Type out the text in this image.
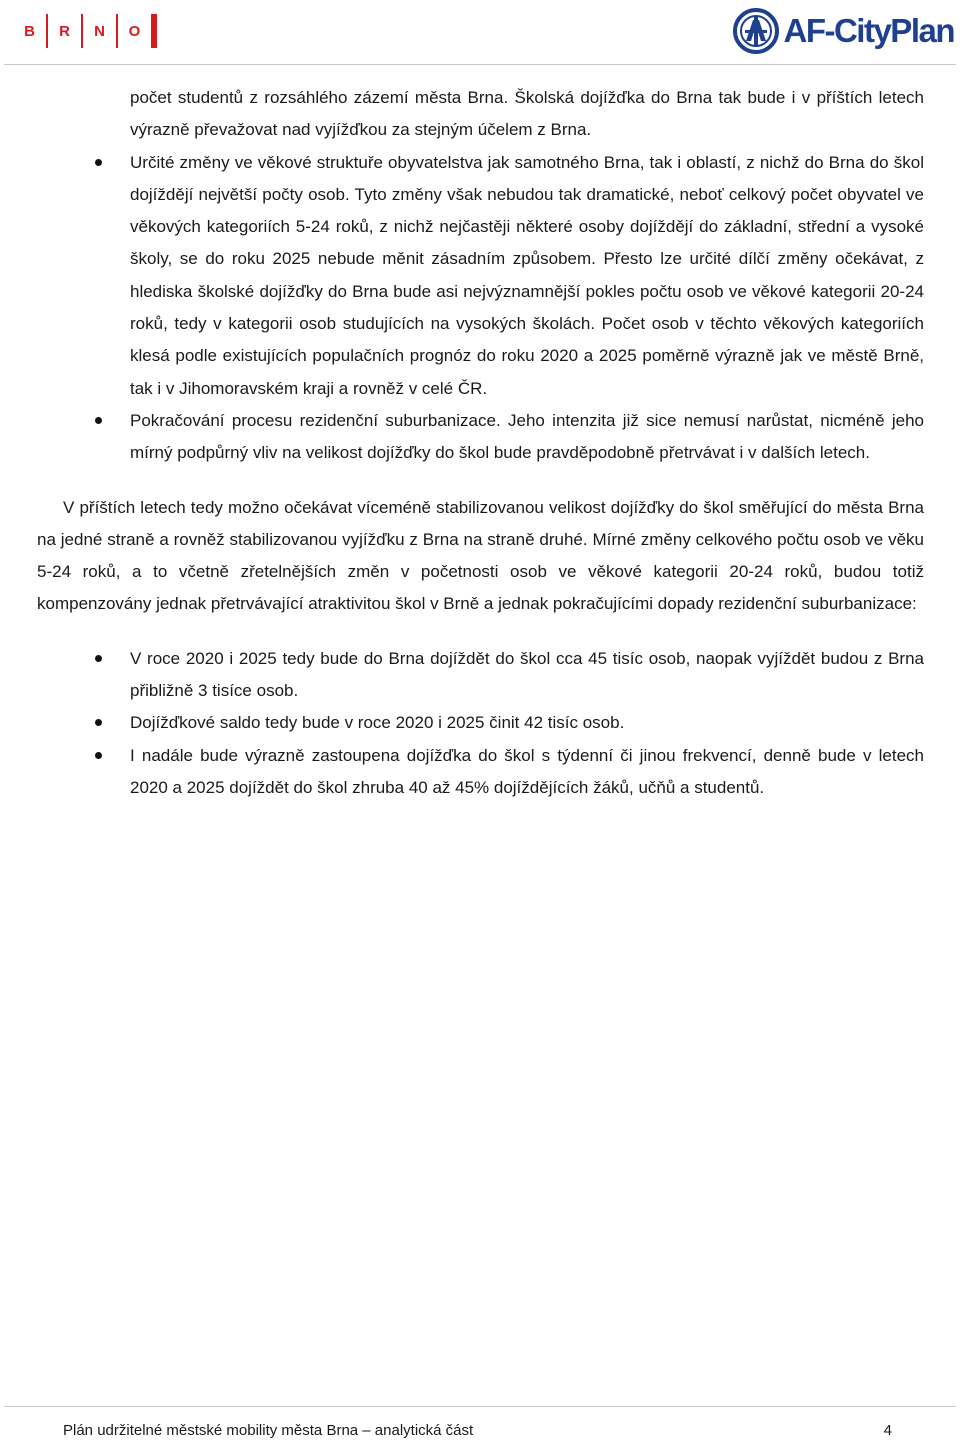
B R N O	AF-CityPlan

počet studentů z rozsáhlého zázemí města Brna. Školská dojížďka do Brna tak bude i v příštích letech výrazně převažovat nad vyjížďkou za stejným účelem z Brna.

Určité změny ve věkové struktuře obyvatelstva jak samotného Brna, tak i oblastí, z nichž do Brna do škol dojíždějí největší počty osob. Tyto změny však nebudou tak dramatické, neboť celkový počet obyvatel ve věkových kategoriích 5-24 roků, z nichž nejčastěji některé osoby dojíždějí do základní, střední a vysoké školy, se do roku 2025 nebude měnit zásadním způsobem. Přesto lze určité dílčí změny očekávat, z hlediska školské dojížďky do Brna bude asi nejvýznamnější pokles počtu osob ve věkové kategorii 20-24 roků, tedy v kategorii osob studujících na vysokých školách. Počet osob v těchto věkových kategoriích klesá podle existujících populačních prognóz do roku 2020 a 2025 poměrně výrazně jak ve městě Brně, tak i v Jihomoravském kraji a rovněž v celé ČR.
Pokračování procesu rezidenční suburbanizace. Jeho intenzita již sice nemusí narůstat, nicméně jeho mírný podpůrný vliv na velikost dojížďky do škol bude pravděpodobně přetrvávat i v dalších letech.

V příštích letech tedy možno očekávat víceméně stabilizovanou velikost dojížďky do škol směřující do města Brna na jedné straně a rovněž stabilizovanou vyjížďku z Brna na straně druhé. Mírné změny celkového počtu osob ve věku 5-24 roků, a to včetně zřetelnějších změn v početnosti osob ve věkové kategorii 20-24 roků, budou totiž kompenzovány jednak přetrvávající atraktivitou škol v Brně a jednak pokračujícími dopady rezidenční suburbanizace:

V roce 2020 i 2025 tedy bude do Brna dojíždět do škol cca 45 tisíc osob, naopak vyjíždět budou z Brna přibližně 3 tisíce osob.
Dojížďkové saldo tedy bude v roce 2020 i 2025 činit 42 tisíc osob.
I nadále bude výrazně zastoupena dojížďka do škol s týdenní či jinou frekvencí, denně bude v letech 2020 a 2025 dojíždět do škol zhruba 40 až 45% dojíždějících žáků, učňů a studentů.
Plán udržitelné městské mobility města Brna – analytická část	4
